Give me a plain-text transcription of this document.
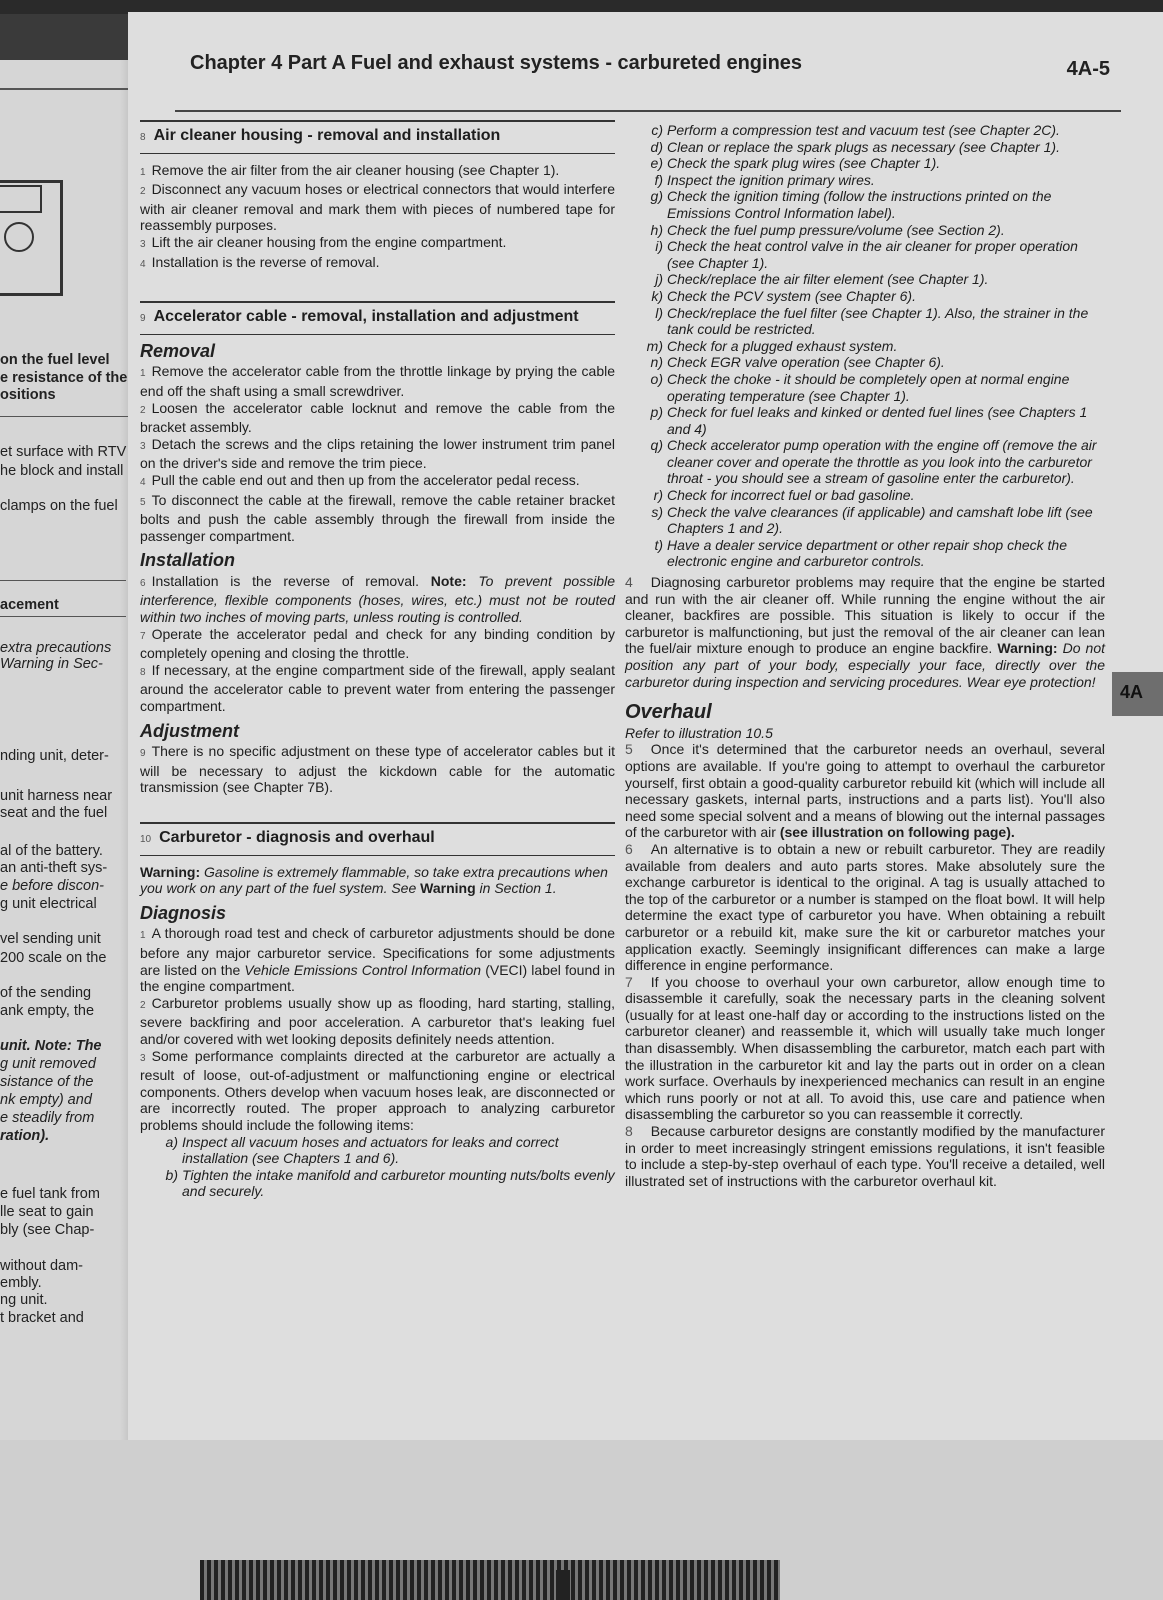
on the fuel level
e resistance of the
ositions
et surface with RTV
he block and install
clamps on the fuel
acement
extra precautions
Warning in Sec-
nding unit, deter-
unit harness near
seat and the fuel
al of the battery.
an anti-theft sys-
e before discon-
g unit electrical
vel sending unit
200 scale on the
of the sending
ank empty, the
unit. Note: The
g unit removed
sistance of the
nk empty) and
e steadily from
ration).
e fuel tank from
lle seat to gain
bly (see Chap-
without dam-
embly.
ng unit.
t bracket and
Chapter 4 Part A Fuel and exhaust systems - carbureted engines	4A-5
4A
8 Air cleaner housing - removal and installation

1 Remove the air filter from the air cleaner housing (see Chapter 1).

2 Disconnect any vacuum hoses or electrical connectors that would interfere with air cleaner removal and mark them with pieces of numbered tape for reassembly purposes.

3 Lift the air cleaner housing from the engine compartment.

4 Installation is the reverse of removal.

9 Accelerator cable - removal, installation and adjustment
Removal

1 Remove the accelerator cable from the throttle linkage by prying the cable end off the shaft using a small screwdriver.

2 Loosen the accelerator cable locknut and remove the cable from the bracket assembly.

3 Detach the screws and the clips retaining the lower instrument trim panel on the driver's side and remove the trim piece.

4 Pull the cable end out and then up from the accelerator pedal recess.

5 To disconnect the cable at the firewall, remove the cable retainer bracket bolts and push the cable assembly through the firewall from inside the passenger compartment.

Installation

6 Installation is the reverse of removal. Note: To prevent possible interference, flexible components (hoses, wires, etc.) must not be routed within two inches of moving parts, unless routing is controlled.

7 Operate the accelerator pedal and check for any binding condition by completely opening and closing the throttle.

8 If necessary, at the engine compartment side of the firewall, apply sealant around the accelerator cable to prevent water from entering the passenger compartment.

Adjustment

9 There is no specific adjustment on these type of accelerator cables but it will be necessary to adjust the kickdown cable for the automatic transmission (see Chapter 7B).

10 Carburetor - diagnosis and overhaul

Warning: Gasoline is extremely flammable, so take extra precautions when you work on any part of the fuel system. See Warning in Section 1.

Diagnosis

1 A thorough road test and check of carburetor adjustments should be done before any major carburetor service. Specifications for some adjustments are listed on the Vehicle Emissions Control Information (VECI) label found in the engine compartment.

2 Carburetor problems usually show up as flooding, hard starting, stalling, severe backfiring and poor acceleration. A carburetor that's leaking fuel and/or covered with wet looking deposits definitely needs attention.

3 Some performance complaints directed at the carburetor are actually a result of loose, out-of-adjustment or malfunctioning engine or electrical components. Others develop when vacuum hoses leak, are disconnected or are incorrectly routed. The proper approach to analyzing carburetor problems should include the following items:

a) Inspect all vacuum hoses and actuators for leaks and correct installation (see Chapters 1 and 6).

b) Tighten the intake manifold and carburetor mounting nuts/bolts evenly and securely.

c) Perform a compression test and vacuum test (see Chapter 2C).

d) Clean or replace the spark plugs as necessary (see Chapter 1).

e) Check the spark plug wires (see Chapter 1).

f) Inspect the ignition primary wires.

g) Check the ignition timing (follow the instructions printed on the Emissions Control Information label).

h) Check the fuel pump pressure/volume (see Section 2).

i) Check the heat control valve in the air cleaner for proper operation (see Chapter 1).

j) Check/replace the air filter element (see Chapter 1).

k) Check the PCV system (see Chapter 6).

l) Check/replace the fuel filter (see Chapter 1). Also, the strainer in the tank could be restricted.

m) Check for a plugged exhaust system.

n) Check EGR valve operation (see Chapter 6).

o) Check the choke - it should be completely open at normal engine operating temperature (see Chapter 1).

p) Check for fuel leaks and kinked or dented fuel lines (see Chapters 1 and 4)

q) Check accelerator pump operation with the engine off (remove the air cleaner cover and operate the throttle as you look into the carburetor throat - you should see a stream of gasoline enter the carburetor).

r) Check for incorrect fuel or bad gasoline.

s) Check the valve clearances (if applicable) and camshaft lobe lift (see Chapters 1 and 2).

t) Have a dealer service department or other repair shop check the electronic engine and carburetor controls.

4 Diagnosing carburetor problems may require that the engine be started and run with the air cleaner off. While running the engine without the air cleaner, backfires are possible. This situation is likely to occur if the carburetor is malfunctioning, but just the removal of the air cleaner can lean the fuel/air mixture enough to produce an engine backfire. Warning: Do not position any part of your body, especially your face, directly over the carburetor during inspection and servicing procedures. Wear eye protection!

Overhaul

Refer to illustration 10.5

5 Once it's determined that the carburetor needs an overhaul, several options are available. If you're going to attempt to overhaul the carburetor yourself, first obtain a good-quality carburetor rebuild kit (which will include all necessary gaskets, internal parts, instructions and a parts list). You'll also need some special solvent and a means of blowing out the internal passages of the carburetor with air (see illustration on following page).

6 An alternative is to obtain a new or rebuilt carburetor. They are readily available from dealers and auto parts stores. Make absolutely sure the exchange carburetor is identical to the original. A tag is usually attached to the top of the carburetor or a number is stamped on the float bowl. It will help determine the exact type of carburetor you have. When obtaining a rebuilt carburetor or a rebuild kit, make sure the kit or carburetor matches your application exactly. Seemingly insignificant differences can make a large difference in engine performance.

7 If you choose to overhaul your own carburetor, allow enough time to disassemble it carefully, soak the necessary parts in the cleaning solvent (usually for at least one-half day or according to the instructions listed on the carburetor cleaner) and reassemble it, which will usually take much longer than disassembly. When disassembling the carburetor, match each part with the illustration in the carburetor kit and lay the parts out in order on a clean work surface. Overhauls by inexperienced mechanics can result in an engine which runs poorly or not at all. To avoid this, use care and patience when disassembling the carburetor so you can reassemble it correctly.

8 Because carburetor designs are constantly modified by the manufacturer in order to meet increasingly stringent emissions regulations, it isn't feasible to include a step-by-step overhaul of each type. You'll receive a detailed, well illustrated set of instructions with the carburetor overhaul kit.
